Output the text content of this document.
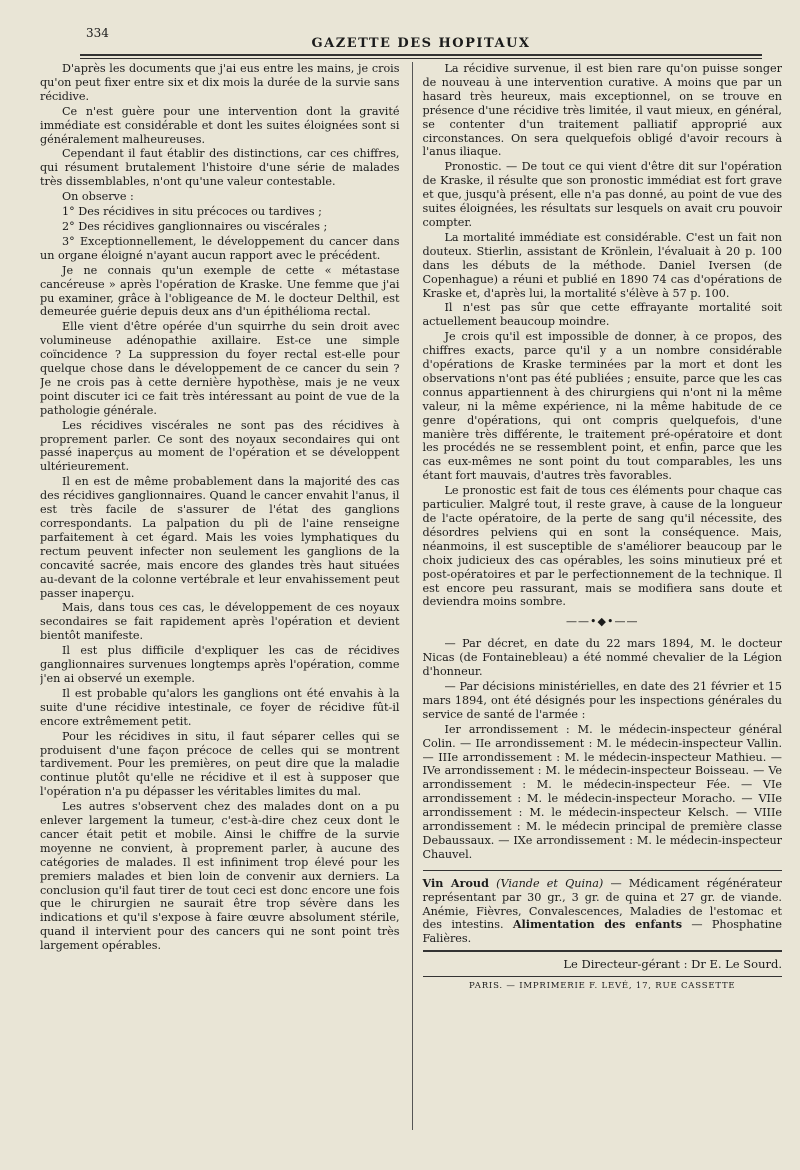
334
GAZETTE DES HOPITAUX

D'après les documents que j'ai eus entre les mains, je crois qu'on peut fixer entre six et dix mois la durée de la survie sans récidive.

Ce n'est guère pour une intervention dont la gravité immédiate est considérable et dont les suites éloignées sont si généralement malheureuses.

Cependant il faut établir des distinctions, car ces chiffres, qui résument brutalement l'histoire d'une série de malades très dissemblables, n'ont qu'une valeur contestable.

On observe :

1° Des récidives in situ précoces ou tardives ;

2° Des récidives ganglionnaires ou viscérales ;

3° Exceptionnellement, le développement du cancer dans un organe éloigné n'ayant aucun rapport avec le précédent.

Je ne connais qu'un exemple de cette « métastase cancéreuse » après l'opération de Kraske. Une femme que j'ai pu examiner, grâce à l'obligeance de M. le docteur Delthil, est demeurée guérie depuis deux ans d'un épithélioma rectal.

Elle vient d'être opérée d'un squirrhe du sein droit avec volumineuse adénopathie axillaire. Est-ce une simple coïncidence ? La suppression du foyer rectal est-elle pour quelque chose dans le développement de ce cancer du sein ? Je ne crois pas à cette dernière hypothèse, mais je ne veux point discuter ici ce fait très intéressant au point de vue de la pathologie générale.

Les récidives viscérales ne sont pas des récidives à proprement parler. Ce sont des noyaux secondaires qui ont passé inaperçus au moment de l'opération et se développent ultérieurement.

Il en est de même probablement dans la majorité des cas des récidives ganglionnaires. Quand le cancer envahit l'anus, il est très facile de s'assurer de l'état des ganglions correspondants. La palpation du pli de l'aine renseigne parfaitement à cet égard. Mais les voies lymphatiques du rectum peuvent infecter non seulement les ganglions de la concavité sacrée, mais encore des glandes très haut situées au-devant de la colonne vertébrale et leur envahissement peut passer inaperçu.

Mais, dans tous ces cas, le développement de ces noyaux secondaires se fait rapidement après l'opération et devient bientôt manifeste.

Il est plus difficile d'expliquer les cas de récidives ganglionnaires survenues longtemps après l'opération, comme j'en ai observé un exemple.

Il est probable qu'alors les ganglions ont été envahis à la suite d'une récidive intestinale, ce foyer de récidive fût-il encore extrêmement petit.

Pour les récidives in situ, il faut séparer celles qui se produisent d'une façon précoce de celles qui se montrent tardivement. Pour les premières, on peut dire que la maladie continue plutôt qu'elle ne récidive et il est à supposer que l'opération n'a pu dépasser les véritables limites du mal.

Les autres s'observent chez des malades dont on a pu enlever largement la tumeur, c'est-à-dire chez ceux dont le cancer était petit et mobile. Ainsi le chiffre de la survie moyenne ne convient, à proprement parler, à aucune des catégories de malades. Il est infiniment trop élevé pour les premiers malades et bien loin de convenir aux derniers. La conclusion qu'il faut tirer de tout ceci est donc encore une fois que le chirurgien ne saurait être trop sévère dans les indications et qu'il s'expose à faire œuvre absolument stérile, quand il intervient pour des cancers qui ne sont point très largement opérables.

La récidive survenue, il est bien rare qu'on puisse songer de nouveau à une intervention curative. A moins que par un hasard très heureux, mais exceptionnel, on se trouve en présence d'une récidive très limitée, il vaut mieux, en général, se contenter d'un traitement palliatif approprié aux circonstances. On sera quelquefois obligé d'avoir recours à l'anus iliaque.

Pronostic. — De tout ce qui vient d'être dit sur l'opération de Kraske, il résulte que son pronostic immédiat est fort grave et que, jusqu'à présent, elle n'a pas donné, au point de vue des suites éloignées, les résultats sur lesquels on avait cru pouvoir compter.

La mortalité immédiate est considérable. C'est un fait non douteux. Stierlin, assistant de Krönlein, l'évaluait à 20 p. 100 dans les débuts de la méthode. Daniel Iversen (de Copenhague) a réuni et publié en 1890 74 cas d'opérations de Kraske et, d'après lui, la mortalité s'élève à 57 p. 100.

Il n'est pas sûr que cette effrayante mortalité soit actuellement beaucoup moindre.

Je crois qu'il est impossible de donner, à ce propos, des chiffres exacts, parce qu'il y a un nombre considérable d'opérations de Kraske terminées par la mort et dont les observations n'ont pas été publiées ; ensuite, parce que les cas connus appartiennent à des chirurgiens qui n'ont ni la même valeur, ni la même expérience, ni la même habitude de ce genre d'opérations, qui ont compris quelquefois, d'une manière très différente, le traitement pré-opératoire et dont les procédés ne se ressemblent point, et enfin, parce que les cas eux-mêmes ne sont point du tout comparables, les uns étant fort mauvais, d'autres très favorables.

Le pronostic est fait de tous ces éléments pour chaque cas particulier. Malgré tout, il reste grave, à cause de la longueur de l'acte opératoire, de la perte de sang qu'il nécessite, des désordres pelviens qui en sont la conséquence. Mais, néanmoins, il est susceptible de s'améliorer beaucoup par le choix judicieux des cas opérables, les soins minutieux pré et post-opératoires et par le perfectionnement de la technique. Il est encore peu rassurant, mais se modifiera sans doute et deviendra moins sombre.

——•◆•——

— Par décret, en date du 22 mars 1894, M. le docteur Nicas (de Fontainebleau) a été nommé chevalier de la Légion d'honneur.

— Par décisions ministérielles, en date des 21 février et 15 mars 1894, ont été désignés pour les inspections générales du service de santé de l'armée :

Ier arrondissement : M. le médecin-inspecteur général Colin. — IIe arrondissement : M. le médecin-inspecteur Vallin. — IIIe arrondissement : M. le médecin-inspecteur Mathieu. — IVe arrondissement : M. le médecin-inspecteur Boisseau. — Ve arrondissement : M. le médecin-inspecteur Fée. — VIe arrondissement : M. le médecin-inspecteur Moracho. — VIIe arrondissement : M. le médecin-inspecteur Kelsch. — VIIIe arrondissement : M. le médecin principal de première classe Debaussaux. — IXe arrondissement : M. le médecin-inspecteur Chauvel.

Vin Aroud (Viande et Quina) — Médicament régénérateur représentant par 30 gr., 3 gr. de quina et 27 gr. de viande. Anémie, Fièvres, Convalescences, Maladies de l'estomac et des intestins. Alimentation des enfants — Phosphatine Falières.

Le Directeur-gérant : Dr E. Le Sourd.
PARIS. — IMPRIMERIE F. LEVÉ, 17, RUE CASSETTE
